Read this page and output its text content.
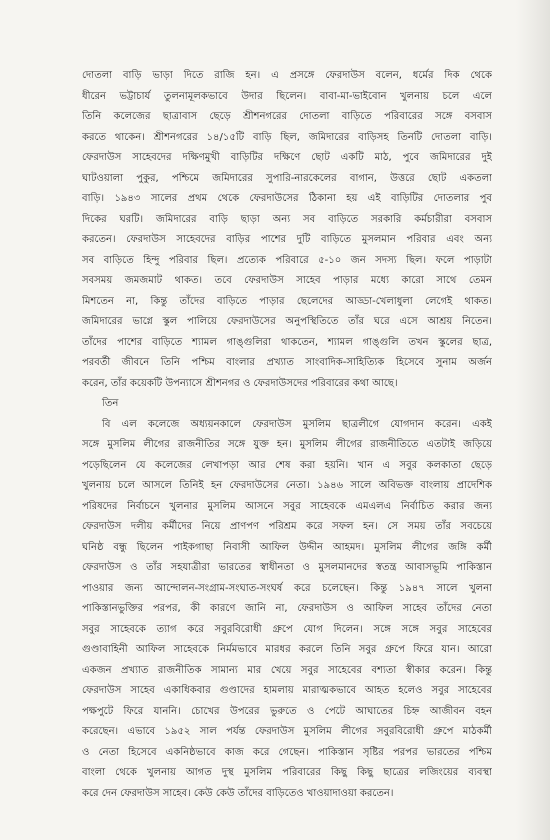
দোতলা বাড়ি ভাড়া দিতে রাজি হন। এ প্রসঙ্গে ফেরদাউস বলেন, ধর্মের দিক থেকে
ধীরেন ভট্টাচার্য তুলনামূলকভাবে উদার ছিলেন। বাবা-মা-ভাইবোন খুলনায় চলে এলে
তিনি কলেজের ছাত্রাবাস ছেড়ে শ্রীশনগরের দোতলা বাড়িতে পরিবারের সঙ্গে বসবাস
করতে থাকেন। শ্রীশনগরের ১৪/১৫টি বাড়ি ছিল, জমিদারের বাড়িসহ তিনটি দোতলা বাড়ি।
ফেরদাউস সাহেবদের দক্ষিণমুখী বাড়িটির দক্ষিণে ছোট একটি মাঠ, পুবে জমিদারের দুই
ঘাটওয়ালা পুকুর, পশ্চিমে জমিদারের সুপারি-নারকেলের বাগান, উত্তরে ছোট একতলা
বাড়ি। ১৯৪৩ সালের প্রথম থেকে ফেরদাউসের ঠিকানা হয় এই বাড়িটির দোতলার পুব
দিকের ঘরটি। জমিদারের বাড়ি ছাড়া অন্য সব বাড়িতে সরকারি কর্মচারীরা বসবাস
করতেন। ফেরদাউস সাহেবদের বাড়ির পাশের দুটি বাড়িতে মুসলমান পরিবার এবং অন্য
সব বাড়িতে হিন্দু পরিবার ছিল। প্রত্যেক পরিবারে ৫-১০ জন সদস্য ছিল। ফলে পাড়াটা
সবসময় জমজমাট থাকত। তবে ফেরদাউস সাহেব পাড়ার মধ্যে কারো সাথে তেমন
মিশতেন না, কিন্তু তাঁদের বাড়িতে পাড়ার ছেলেদের আড্ডা-খেলাধুলা লেগেই থাকত।
জমিদারের ভাগ্নে স্কুল পালিয়ে ফেরদাউসের অনুপস্থিতিতে তাঁর ঘরে এসে আশ্রয় নিতেন।
তাঁদের পাশের বাড়িতে শ্যামল গাঙ্গুলিরা থাকতেন, শ্যামল গাঙ্গুলি তখন স্কুলের ছাত্র,
পরবর্তী জীবনে তিনি পশ্চিম বাংলার প্রখ্যাত সাংবাদিক-সাহিত্যিক হিসেবে সুনাম অর্জন
করেন, তাঁর কয়েকটি উপন্যাসে শ্রীশনগর ও ফেরদাউসদের পরিবারের কথা আছে।
তিন
বি এল কলেজে অধ্যয়নকালে ফেরদাউস মুসলিম ছাত্রলীগে যোগদান করেন। একই
সঙ্গে মুসলিম লীগের রাজনীতির সঙ্গে যুক্ত হন। মুসলিম লীগের রাজনীতিতে এতটাই জড়িয়ে
পড়েছিলেন যে কলেজের লেখাপড়া আর শেষ করা হয়নি। খান এ সবুর কলকাতা ছেড়ে
খুলনায় চলে আসলে তিনিই হন ফেরদাউসের নেতা। ১৯৪৬ সালে অবিভক্ত বাংলায় প্রাদেশিক
পরিষদের নির্বাচনে খুলনার মুসলিম আসনে সবুর সাহেবকে এমএলএ নির্বাচিত করার জন্য
ফেরদাউস দলীয় কর্মীদের নিয়ে প্রাণপণ পরিশ্রম করে সফল হন। সে সময় তাঁর সবচেয়ে
ঘনিষ্ঠ বন্ধু ছিলেন পাইকগাছা নিবাসী আফিল উদ্দীন আহমদ। মুসলিম লীগের জঙ্গি কর্মী
ফেরদাউস ও তাঁর সহযাত্রীরা ভারতের স্বাধীনতা ও মুসলমানদের স্বতন্ত্র আবাসভূমি পাকিস্তান
পাওয়ার জন্য আন্দোলন-সংগ্রাম-সংঘাত-সংঘর্ষ করে চলেছেন। কিন্তু ১৯৪৭ সালে খুলনা
পাকিস্তানভুক্তির পরপর, কী কারণে জানি না, ফেরদাউস ও আফিল সাহেব তাঁদের নেতা
সবুর সাহেবকে ত্যাগ করে সবুরবিরোধী গ্রুপে যোগ দিলেন। সঙ্গে সঙ্গে সবুর সাহেবের
গুণ্ডাবাহিনী আফিল সাহেবকে নির্মমভাবে মারধর করলে তিনি সবুর গ্রুপে ফিরে যান। আরো
একজন প্রখ্যাত রাজনীতিক সামান্য মার খেয়ে সবুর সাহেবের বশ্যতা স্বীকার করেন। কিন্তু
ফেরদাউস সাহেব একাধিকবার গুণ্ডাদের হামলায় মারাত্মকভাবে আহত হলেও সবুর সাহেবের
পক্ষপুটে ফিরে যাননি। চোখের উপরের ভুরুতে ও পেটে আঘাতের চিহ্ন আজীবন বহন
করেছেন। এভাবে ১৯৫২ সাল পর্যন্ত ফেরদাউস মুসলিম লীগের সবুরবিরোধী গ্রুপে মাঠকর্মী
ও নেতা হিসেবে একনিষ্ঠভাবে কাজ করে গেছেন। পাকিস্তান সৃষ্টির পরপর ভারতের পশ্চিম
বাংলা থেকে খুলনায় আগত দুস্থ মুসলিম পরিবারের কিছু কিছু ছাত্রের লজিংয়ের ব্যবস্থা
করে দেন ফেরদাউস সাহেব। কেউ কেউ তাঁদের বাড়িতেও খাওয়াদাওয়া করতেন।
